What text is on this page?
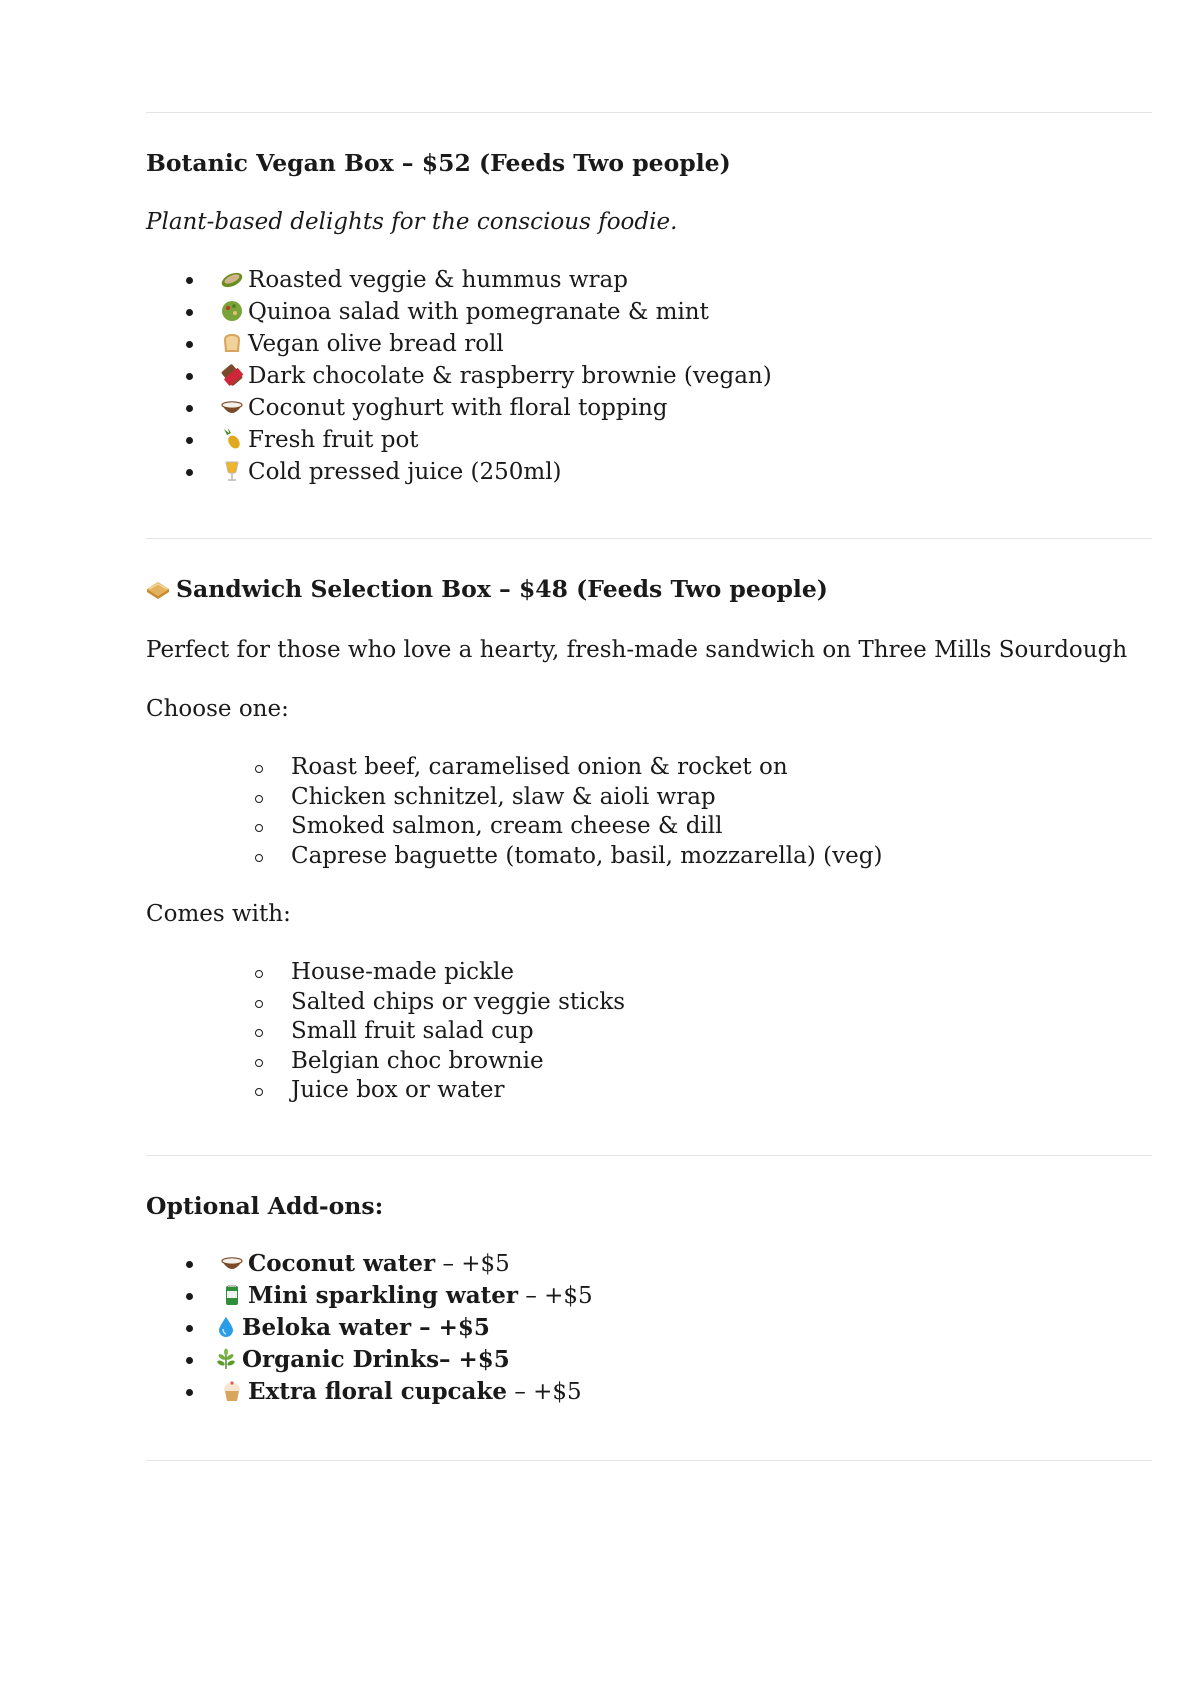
Botanic Vegan Box – $52 (Feeds Two people)
Plant-based delights for the conscious foodie.
Roasted veggie & hummus wrap
Quinoa salad with pomegranate & mint
Vegan olive bread roll
Dark chocolate & raspberry brownie (vegan)
Coconut yoghurt with floral topping
Fresh fruit pot
Cold pressed juice (250ml)
Sandwich Selection Box – $48 (Feeds Two people)
Perfect for those who love a hearty, fresh-made sandwich on Three Mills Sourdough
Choose one:
Roast beef, caramelised onion & rocket on
Chicken schnitzel, slaw & aioli wrap
Smoked salmon, cream cheese & dill
Caprese baguette (tomato, basil, mozzarella) (veg)
Comes with:
House-made pickle
Salted chips or veggie sticks
Small fruit salad cup
Belgian choc brownie
Juice box or water
Optional Add-ons:
Coconut water – +$5
Mini sparkling water – +$5
Beloka water – +$5
Organic Drinks– +$5
Extra floral cupcake – +$5
